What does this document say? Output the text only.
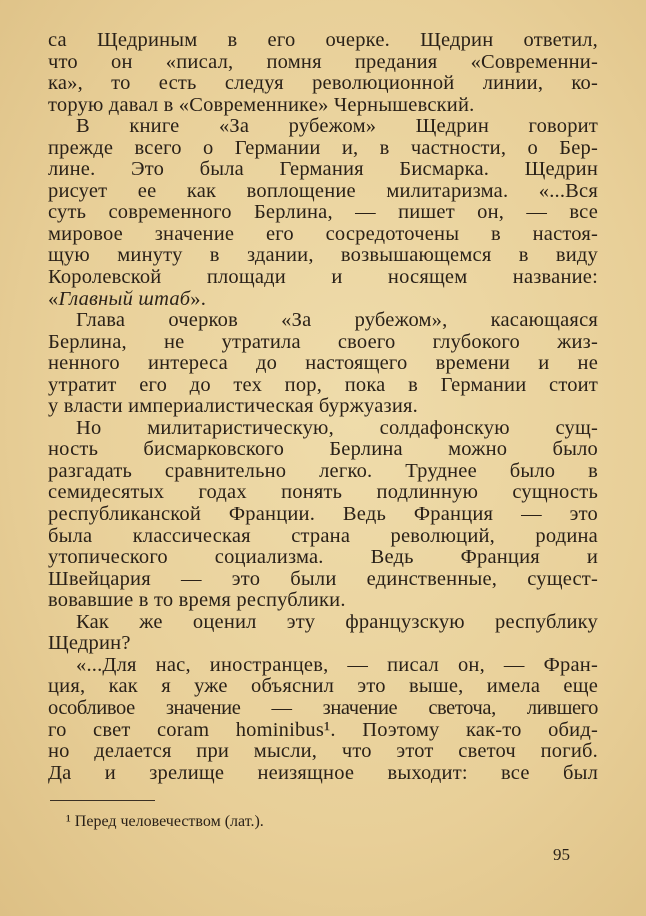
са Щедриным в его очерке. Щедрин ответил,
что он «писал, помня предания «Современни-
ка», то есть следуя революционной линии, ко-
торую давал в «Современнике» Чернышевский.
В книге «За рубежом» Щедрин говорит
прежде всего о Германии и, в частности, о Бер-
лине. Это была Германия Бисмарка. Щедрин
рисует ее как воплощение милитаризма. «...Вся
суть современного Берлина, — пишет он, — все
мировое значение его сосредоточены в настоя-
щую минуту в здании, возвышающемся в виду
Королевской площади и носящем название:
«Главный штаб».
Глава очерков «За рубежом», касающаяся
Берлина, не утратила своего глубокого жиз-
ненного интереса до настоящего времени и не
утратит его до тех пор, пока в Германии стоит
у власти империалистическая буржуазия.
Но милитаристическую, солдафонскую сущ-
ность бисмарковского Берлина можно было
разгадать сравнительно легко. Труднее было в
семидесятых годах понять подлинную сущность
республиканской Франции. Ведь Франция — это
была классическая страна революций, родина
утопического социализма. Ведь Франция и
Швейцария — это были единственные, сущест-
вовавшие в то время республики.
Как же оценил эту французскую республику
Щедрин?
«...Для нас, иностранцев, — писал он, — Фран-
ция, как я уже объяснил это выше, имела еще
особливое значение — значение светоча, лившего
го свет coram hominibus¹. Поэтому как-то обид-
но делается при мысли, что этот светоч погиб.
Да и зрелище неизящное выходит: все был
¹ Перед человечеством (лат.).
95
